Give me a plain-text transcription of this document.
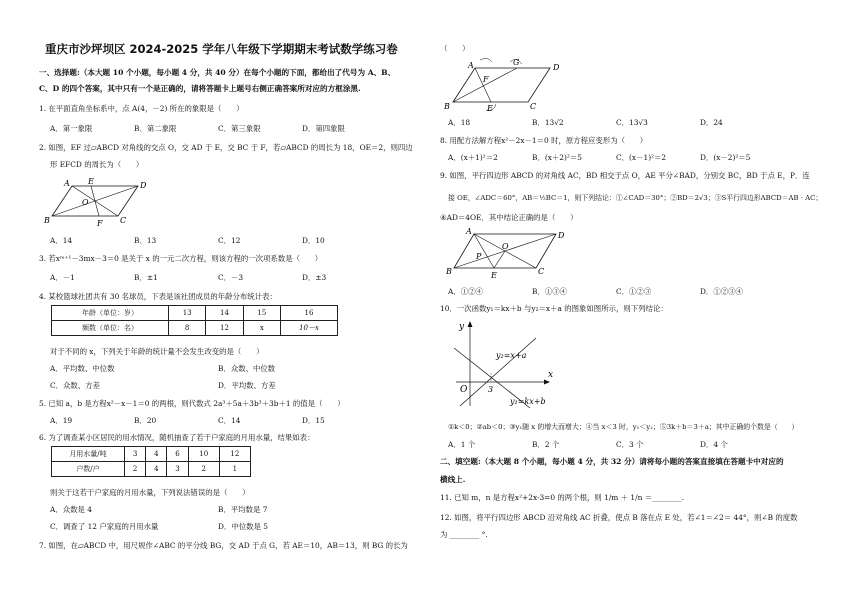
重庆市沙坪坝区 2024-2025 学年八年级下学期期末考试数学练习卷
一、选择题:（本大题 10 个小题，每小题 4 分，共 40 分）在每个小题的下面，都给出了代号为 A、B、
C、D 的四个答案，其中只有一个是正确的，请将答题卡上题号右侧正确答案所对应的方框涂黑.
1. 在平面直角坐标系中，点 A(4，－2) 所在的象限是（　　）
A．第一象限	B．第二象限	C．第三象限	D．第四象限
2. 如图，EF 过▱ABCD 对角线的交点 O，交 AD 于 E，交 BC 于 F，若▱ABCD 的周长为 18，OE＝2，则四边
形 EFCD 的周长为（　　）
A E	D
O
B	F C
A．14	B．13	C．12	D．10
3. 若xᵐ⁺¹－3mx－3＝0 是关于 x 的一元二次方程，则该方程的一次项系数是（　　）
A．－1	B．±1	C．－3	D．±3
4. 某校篮球社团共有 30 名球员，下表是该社团成员的年龄分布统计表：
年龄（单位：岁）	13	14	15	16
频数（单位：名）	8	12	x	10－x
对于不同的 x，下列关于年龄的统计量不会发生改变的是（　　）
A．平均数、中位数	B．众数、中位数
C．众数、方差	D．平均数、方差
5. 已知 a，b 是方程x²－x－1＝0 的两根，则代数式 2a³＋5a＋3b³＋3b＋1 的值是（　　）
A．19	B．20	C．14	D．15
6. 为了调查某小区居民的用水情况，随机抽查了若干户家庭的月用水量，结果如表：
月用水量/吨	3	4	6	10	12
户数/户	2	4	3	2	1
则关于这若干户家庭的月用水量，下列说法错误的是（　　）
A．众数是 4	B．平均数是 7
C．调查了 12 户家庭的月用水量	D．中位数是 5
7. 如图，在▱ABCD 中，用尺规作∠ABC 的平分线 BG，交 AD 于点 G，若 AE＝10，AB＝13，则 BG 的长为
（　　）
A
F
G
D
B	E	C
A．18	B．13√2	C．13√3	D．24
8. 用配方法解方程x²－2x－1＝0 时，原方程应变形为（　　）
A．(x＋1)²＝2	B．(x＋2)²＝5	C．(x－1)²＝2	D．(x－2)²＝5
9. 如图，平行四边形 ABCD 的对角线 AC，BD 相交于点 O，AE 平分∠BAD，分别交 BC，BD 于点 E，P．连
接 OE，∠ADC＝60°，AB＝½BC＝1，则下列结论：①∠CAD＝30°；②BD＝2√3；③S平行四边形ABCD＝AB · AC；
④AD＝4OE．其中结论正确的是（　　）
A	D
O
P
B	E	C
A．①②④	B．①③④	C．①②③	D．①②③④
10．一次函数y₁＝kx＋b 与y₂＝x＋a 的图象如图所示，则下列结论：
y
x
O	3
y₂=x+a
y₁=kx+b
①k＜0；②ab＜0；③y₁随 x 的增大而增大；④当 x＜3 时，y₁＜y₂；⑤3k＋b＝3＋a；其中正确的个数是（　　）
A．1 个	B．2 个	C．3 个	D．4 个
二、填空题:（本大题 8 个小题，每小题 4 分，共 32 分）请将每小题的答案直接填在答题卡中对应的
横线上.
11. 已知 m，n 是方程x²+2x-3=0 的两个根，则 1/m ＋ 1/n ＝________.
12. 如图，将平行四边形 ABCD 沿对角线 AC 折叠，使点 B 落在点 E 处，若∠1＝∠2＝ 44°，则∠B 的度数
为 ________ °.
